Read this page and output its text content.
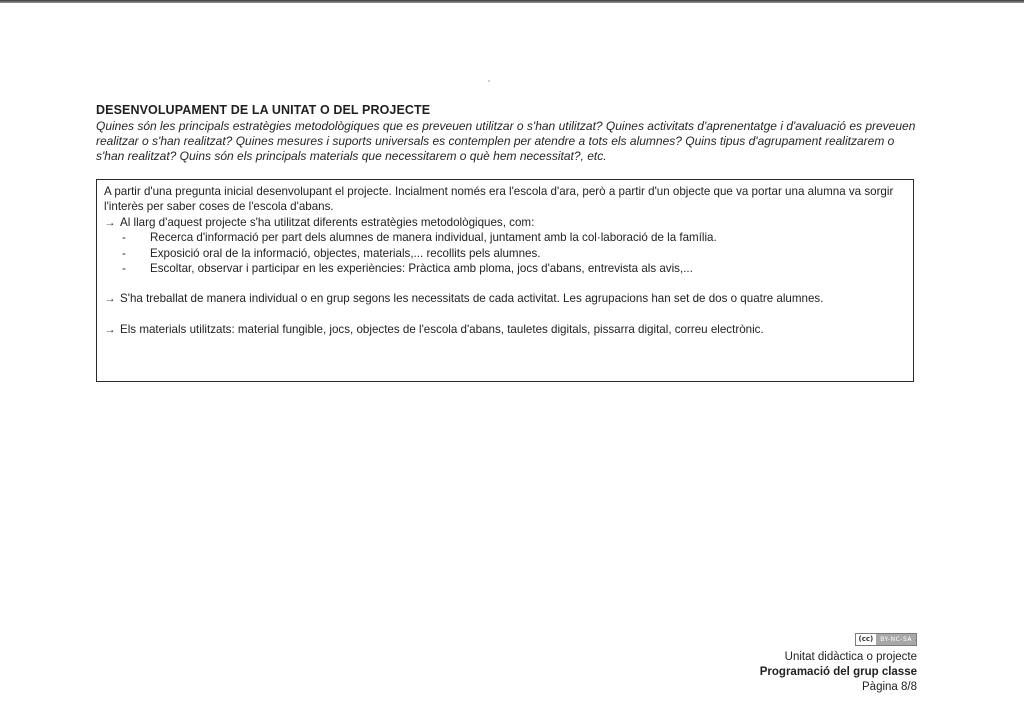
DESENVOLUPAMENT DE LA UNITAT O DEL PROJECTE
Quines són les principals estratègies metodològiques que es preveuen utilitzar o s'han utilitzat? Quines activitats d'aprenentatge i d'avaluació es preveuen realitzar o s'han realitzat? Quines mesures i suports universals es contemplen per atendre a tots els alumnes? Quins tipus d'agrupament realitzarem o s'han realitzat? Quins són els principals materials que necessitarem o què hem necessitat?, etc.

A partir d'una pregunta inicial desenvolupant el projecte. Incialment només era l'escola d'ara, però a partir d'un objecte que va portar una alumna va sorgir l'interès per saber coses de l'escola d'abans.

→ Al llarg d'aquest projecte s'ha utilitzat diferents estratègies metodològiques, com:
- Recerca d'informació per part dels alumnes de manera individual, juntament amb la col·laboració de la família.
- Exposició oral de la informació, objectes, materials,... recollits pels alumnes.
- Escoltar, observar i participar en les experiències: Pràctica amb ploma, jocs d'abans, entrevista als avis,...
→ S'ha treballat de manera individual o en grup segons les necessitats de cada activitat. Les agrupacions han set de dos o quatre alumnes.
→ Els materials utilitzats: material fungible, jocs, objectes de l'escola d'abans, tauletes digitals, pissarra digital, correu electrònic.
(cc)	BY-NC-SA
Unitat didàctica o projecte
Programació del grup classe
Pàgina 8/8
